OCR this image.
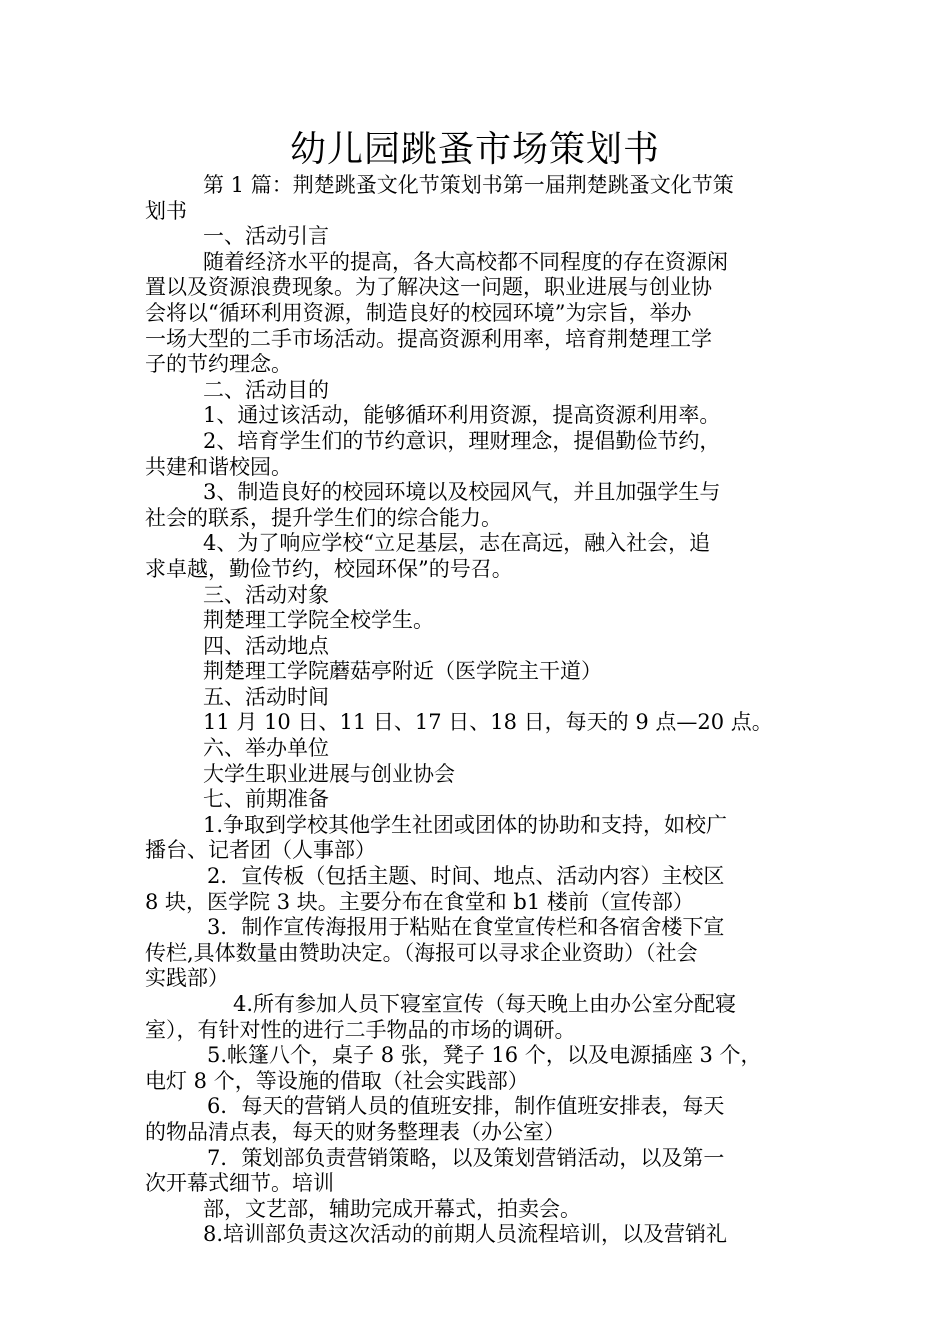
幼儿园跳蚤市场策划书
第 1 篇：荆楚跳蚤文化节策划书第一届荆楚跳蚤文化节策
划书
一、活动引言
随着经济水平的提高，各大高校都不同程度的存在资源闲
置以及资源浪费现象。为了解决这一问题，职业进展与创业协
会将以“循环利用资源，制造良好的校园环境”为宗旨，举办
一场大型的二手市场活动。提高资源利用率，培育荆楚理工学
子的节约理念。
二、活动目的
1、通过该活动，能够循环利用资源，提高资源利用率。
2、培育学生们的节约意识，理财理念，提倡勤俭节约，
共建和谐校园。
3、制造良好的校园环境以及校园风气，并且加强学生与
社会的联系，提升学生们的综合能力。
4、为了响应学校“立足基层，志在高远，融入社会，追
求卓越，勤俭节约，校园环保”的号召。
三、活动对象
荆楚理工学院全校学生。
四、活动地点
荆楚理工学院蘑菇亭附近（医学院主干道）
五、活动时间
11 月 10 日、11 日、17 日、18 日，每天的 9 点—20 点。
六、举办单位
大学生职业进展与创业协会
七、前期准备
1.争取到学校其他学生社团或团体的协助和支持，如校广
播台、记者团（人事部）
2．宣传板（包括主题、时间、地点、活动内容）主校区
8 块，医学院 3 块。主要分布在食堂和 b1 楼前（宣传部）
3．制作宣传海报用于粘贴在食堂宣传栏和各宿舍楼下宣
传栏,具体数量由赞助决定。（海报可以寻求企业资助）（社会
实践部）
4.所有参加人员下寝室宣传（每天晚上由办公室分配寝
室），有针对性的进行二手物品的市场的调研。
5.帐篷八个，桌子 8 张，凳子 16 个，以及电源插座 3 个，
电灯 8 个，等设施的借取（社会实践部）
6．每天的营销人员的值班安排，制作值班安排表，每天
的物品清点表，每天的财务整理表（办公室）
7．策划部负责营销策略，以及策划营销活动，以及第一
次开幕式细节。培训
部，文艺部，辅助完成开幕式，拍卖会。
8.培训部负责这次活动的前期人员流程培训，以及营销礼
